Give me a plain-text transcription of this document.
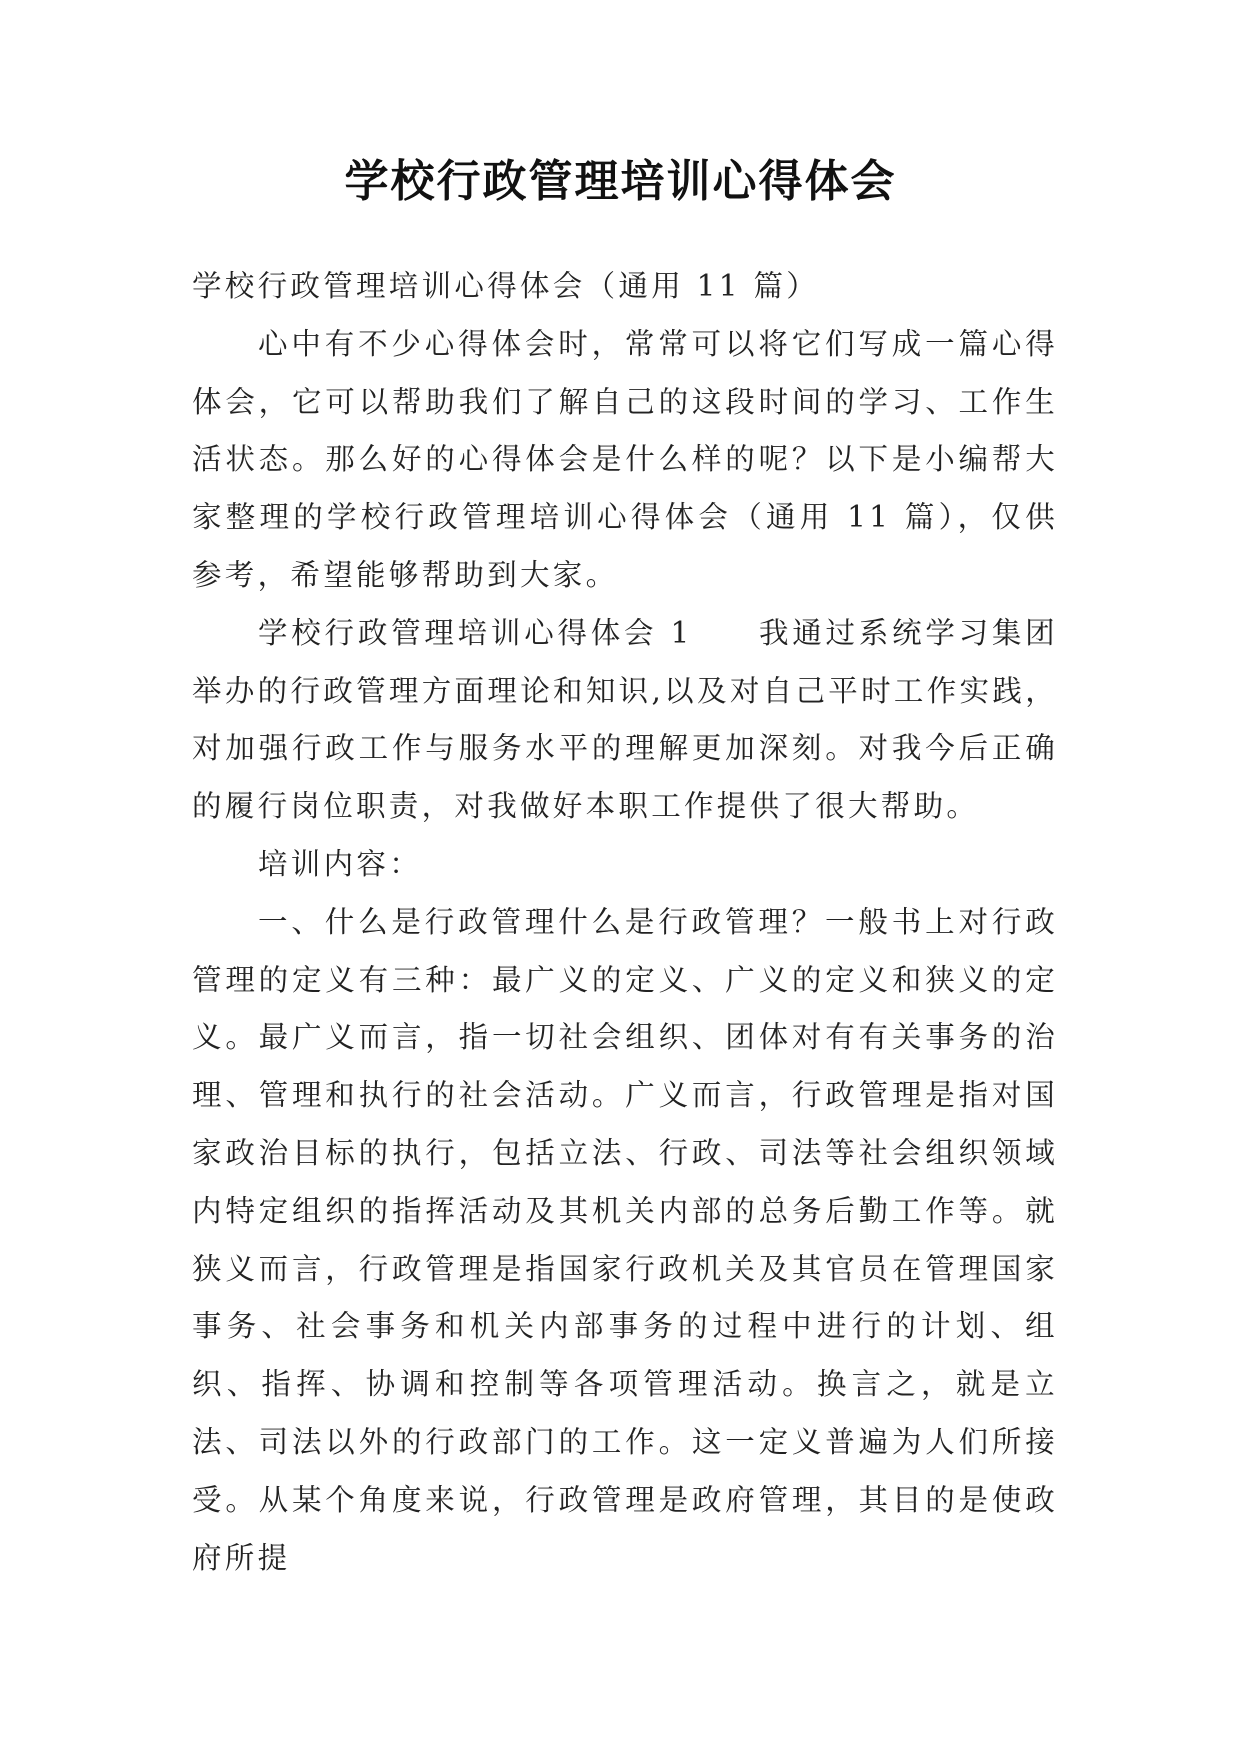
学校行政管理培训心得体会

学校行政管理培训心得体会（通用 11 篇）

心中有不少心得体会时，常常可以将它们写成一篇心得体会，它可以帮助我们了解自己的这段时间的学习、工作生活状态。那么好的心得体会是什么样的呢？以下是小编帮大家整理的学校行政管理培训心得体会（通用 11 篇），仅供参考，希望能够帮助到大家。

学校行政管理培训心得体会 1 我通过系统学习集团举办的行政管理方面理论和知识,以及对自己平时工作实践，对加强行政工作与服务水平的理解更加深刻。对我今后正确的履行岗位职责，对我做好本职工作提供了很大帮助。

培训内容：

一、什么是行政管理什么是行政管理？一般书上对行政管理的定义有三种：最广义的定义、广义的定义和狭义的定义。最广义而言，指一切社会组织、团体对有有关事务的治理、管理和执行的社会活动。广义而言，行政管理是指对国家政治目标的执行，包括立法、行政、司法等社会组织领域内特定组织的指挥活动及其机关内部的总务后勤工作等。就狭义而言，行政管理是指国家行政机关及其官员在管理国家事务、社会事务和机关内部事务的过程中进行的计划、组织、指挥、协调和控制等各项管理活动。换言之，就是立法、司法以外的行政部门的工作。这一定义普遍为人们所接受。从某个角度来说，行政管理是政府管理，其目的是使政府所提
